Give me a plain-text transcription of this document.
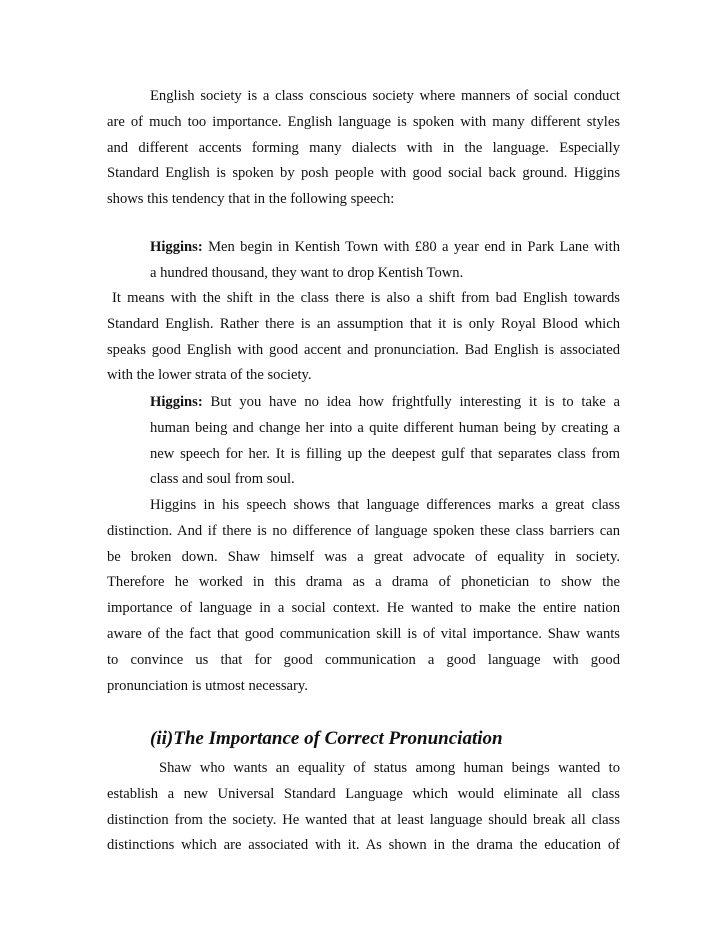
English society is a class conscious society where manners of social conduct
are of much too importance. English language is spoken with many different styles
and different accents forming many dialects with in the language. Especially
Standard English is spoken by posh people with good social back ground. Higgins
shows this tendency that in the following speech:

Higgins: Men begin in Kentish Town with £80 a year end in Park Lane with
a hundred thousand, they want to drop Kentish Town.

It means with the shift in the class there is also a shift from bad English towards
Standard English. Rather there is an assumption that it is only Royal Blood which
speaks good English with good accent and pronunciation. Bad English is associated
with the lower strata of the society.

Higgins: But you have no idea how frightfully interesting it is to take a
human being and change her into a quite different human being by creating a
new speech for her. It is filling up the deepest gulf that separates class from
class and soul from soul.

Higgins in his speech shows that language differences marks a great class
distinction. And if there is no difference of language spoken these class barriers can
be broken down. Shaw himself was a great advocate of equality in society.
Therefore he worked in this drama as a drama of phonetician to show the
importance of language in a social context. He wanted to make the entire nation
aware of the fact that good communication skill is of vital importance. Shaw wants
to convince us that for good communication a good language with good
pronunciation is utmost necessary.

(ii)The Importance of Correct Pronunciation

Shaw who wants an equality of status among human beings wanted to
establish a new Universal Standard Language which would eliminate all class
distinction from the society. He wanted that at least language should break all class
distinctions which are associated with it. As shown in the drama the education of
